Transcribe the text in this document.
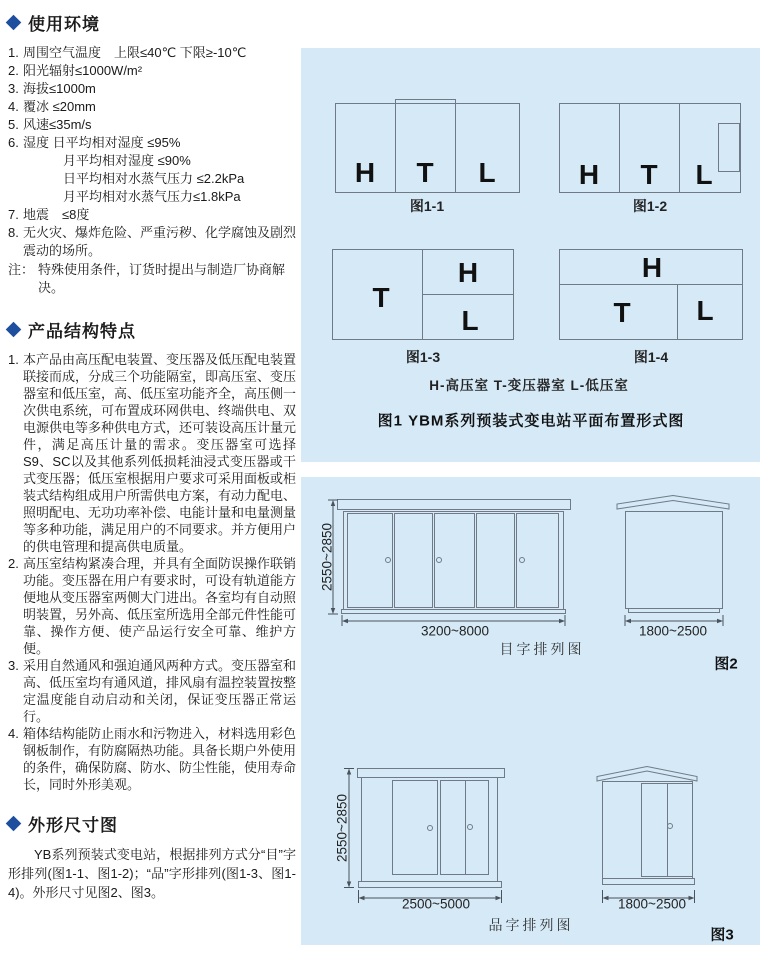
使用环境
1. 周围空气温度　上限≤40℃ 下限≥-10℃
2. 阳光辐射≤1000W/m²
3. 海拔≤1000m
4. 覆冰 ≤20mm
5. 风速≤35m/s
6. 湿度 日平均相对湿度 ≤95%
月平均相对湿度 ≤90%
日平均相对水蒸气压力 ≤2.2kPa
月平均相对水蒸气压力≤1.8kPa
7. 地震　≤8度
8. 无火灾、爆炸危险、严重污秽、化学腐蚀及剧烈震动的场所。
注： 特殊使用条件，订货时提出与制造厂协商解决。
产品结构特点
1. 本产品由高压配电装置、变压器及低压配电装置联接而成，分成三个功能隔室，即高压室、变压器室和低压室，高、低压室功能齐全，高压侧一次供电系统，可布置成环网供电、终端供电、双电源供电等多种供电方式，还可装设高压计量元件，满足高压计量的需求。变压器室可选择S9、SC以及其他系列低损耗油浸式变压器或干式变压器；低压室根据用户要求可采用面板或柜装式结构组成用户所需供电方案，有动力配电、照明配电、无功功率补偿、电能计量和电量测量等多种功能，满足用户的不同要求。并方便用户的供电管理和提高供电质量。
2. 高压室结构紧凑合理，并具有全面防误操作联销功能。变压器在用户有要求时，可设有轨道能方便地从变压器室两侧大门进出。各室均有自动照明装置，另外高、低压室所选用全部元件性能可靠、操作方便、使产品运行安全可靠、维护方便。
3. 采用自然通风和强迫通风两种方式。变压器室和高、低压室均有通风道，排风扇有温控装置按整定温度能自动启动和关闭，保证变压器正常运行。
4. 箱体结构能防止雨水和污物进入，材料选用彩色钢板制作，有防腐隔热功能。具备长期户外使用的条件，确保防腐、防水、防尘性能，使用寿命长，同时外形美观。
外形尺寸图
YB系列预装式变电站，根据排列方式分“目”字形排列(图1-1、图1-2)；“品”字形排列(图1-3、图1-4)。外形尺寸见图2、图3。
H T L
图1-1
H T L
图1-2
T
H
L
图1-3
H
T L
图1-4
H-高压室 T-变压器室 L-低压室
图1 YBM系列预装式变电站平面布置形式图
2550~2850
3200~8000	1800~2500
目字排列图
图2
2550~2850
2500~5000	1800~2500
品字排列图
图3
